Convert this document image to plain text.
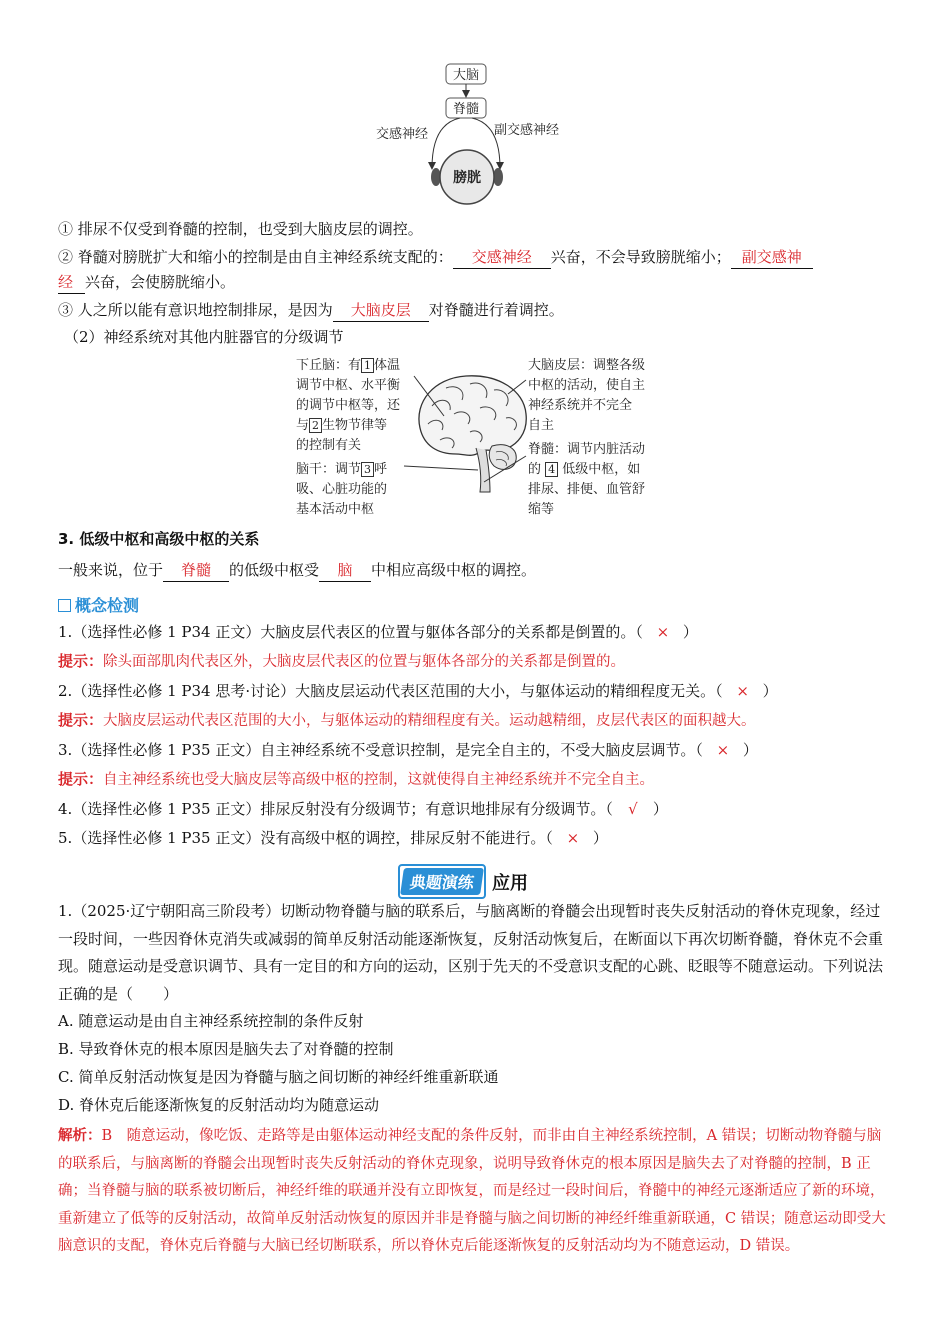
大脑
脊髓
交感神经	副交感神经
膀胱
① 排尿不仅受到脊髓的控制，也受到大脑皮层的调控。
② 脊髓对膀胱扩大和缩小的控制是由自主神经系统支配的： 交感神经 兴奋，不会导致膀胱缩小； 副交感神
经 兴奋，会使膀胱缩小。
③ 人之所以能有意识地控制排尿，是因为 大脑皮层 对脊髓进行着调控。
（2）神经系统对其他内脏器官的分级调节
下丘脑：有 1 体温
调节中枢、水平衡
的调节中枢等，还
与 2 生物节律等
的控制有关
脑干：调节 3 呼
吸、心脏功能的
基本活动中枢
大脑皮层：调整各级
中枢的活动，使自主
神经系统并不完全
自主
脊髓：调节内脏活动
的 4 低级中枢，如
排尿、排便、血管舒
缩等
3. 低级中枢和高级中枢的关系
一般来说，位于 脊髓 的低级中枢受 脑 中相应高级中枢的调控。
概念检测
1.（选择性必修 1 P34 正文）大脑皮层代表区的位置与躯体各部分的关系都是倒置的。（ × ）
提示：除头面部肌肉代表区外，大脑皮层代表区的位置与躯体各部分的关系都是倒置的。
2.（选择性必修 1 P34 思考·讨论）大脑皮层运动代表区范围的大小，与躯体运动的精细程度无关。（ × ）
提示：大脑皮层运动代表区范围的大小，与躯体运动的精细程度有关。运动越精细，皮层代表区的面积越大。
3.（选择性必修 1 P35 正文）自主神经系统不受意识控制，是完全自主的，不受大脑皮层调节。（ × ）
提示：自主神经系统也受大脑皮层等高级中枢的控制，这就使得自主神经系统并不完全自主。
4.（选择性必修 1 P35 正文）排尿反射没有分级调节；有意识地排尿有分级调节。（ √ ）
5.（选择性必修 1 P35 正文）没有高级中枢的调控，排尿反射不能进行。（ × ）
典题演练 应用
1.（2025·辽宁朝阳高三阶段考）切断动物脊髓与脑的联系后，与脑离断的脊髓会出现暂时丧失反射活动的脊休克现象，经过一段时间，一些因脊休克消失或减弱的简单反射活动能逐渐恢复，反射活动恢复后，在断面以下再次切断脊髓，脊休克不会重现。随意运动是受意识调节、具有一定目的和方向的运动，区别于先天的不受意识支配的心跳、眨眼等不随意运动。下列说法正确的是（　　）
A. 随意运动是由自主神经系统控制的条件反射
B. 导致脊休克的根本原因是脑失去了对脊髓的控制
C. 简单反射活动恢复是因为脊髓与脑之间切断的神经纤维重新联通
D. 脊休克后能逐渐恢复的反射活动均为随意运动
解析：B　 随意运动，像吃饭、走路等是由躯体运动神经支配的条件反射，而非由自主神经系统控制，A 错误；切断动物脊髓与脑的联系后，与脑离断的脊髓会出现暂时丧失反射活动的脊休克现象，说明导致脊休克的根本原因是脑失去了对脊髓的控制，B 正确；当脊髓与脑的联系被切断后，神经纤维的联通并没有立即恢复，而是经过一段时间后，脊髓中的神经元逐渐适应了新的环境，重新建立了低等的反射活动，故简单反射活动恢复的原因并非是脊髓与脑之间切断的神经纤维重新联通，C 错误；随意运动即受大脑意识的支配，脊休克后脊髓与大脑已经切断联系，所以脊休克后能逐渐恢复的反射活动均为不随意运动，D 错误。
